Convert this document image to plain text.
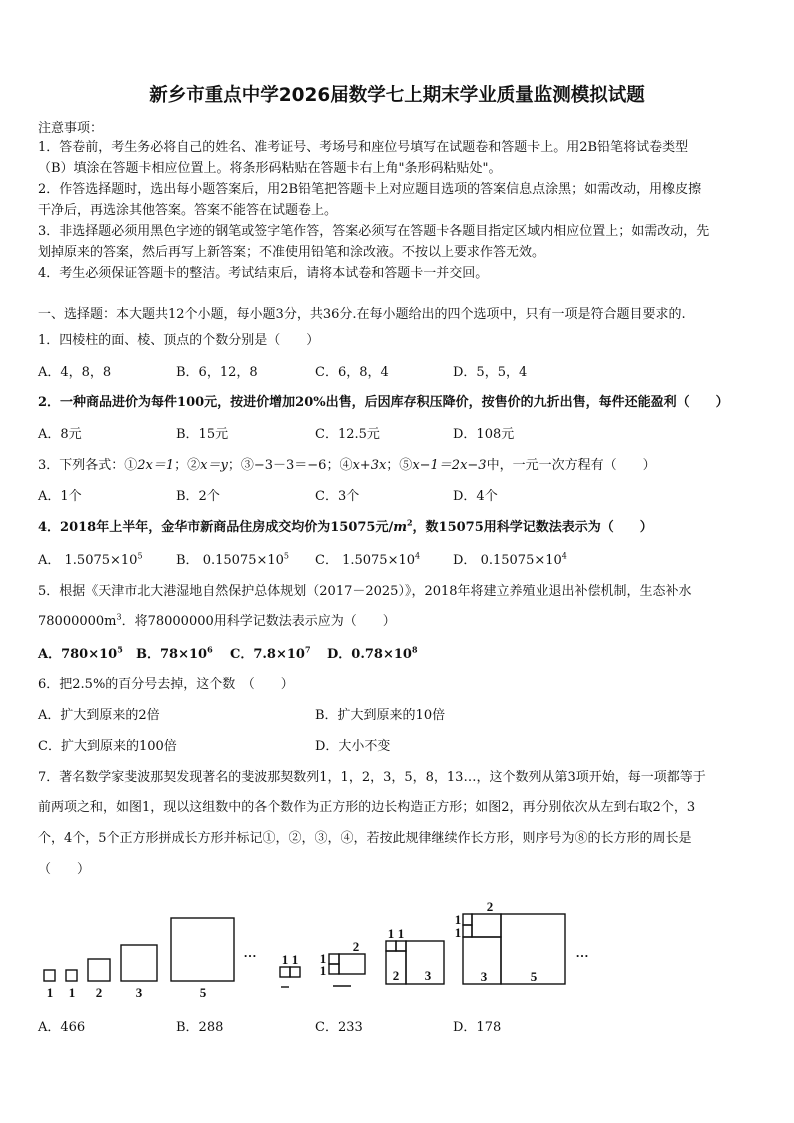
新乡市重点中学2026届数学七上期末学业质量监测模拟试题
注意事项：
1．答卷前，考生务必将自己的姓名、准考证号、考场号和座位号填写在试题卷和答题卡上。用2B铅笔将试卷类型
（B）填涂在答题卡相应位置上。将条形码粘贴在答题卡右上角"条形码粘贴处"。
2．作答选择题时，选出每小题答案后，用2B铅笔把答题卡上对应题目选项的答案信息点涂黑；如需改动，用橡皮擦
干净后，再选涂其他答案。答案不能答在试题卷上。
3．非选择题必须用黑色字迹的钢笔或签字笔作答，答案必须写在答题卡各题目指定区域内相应位置上；如需改动，先
划掉原来的答案，然后再写上新答案；不准使用铅笔和涂改液。不按以上要求作答无效。
4．考生必须保证答题卡的整洁。考试结束后，请将本试卷和答题卡一并交回。
一、选择题：本大题共12个小题，每小题3分，共36分.在每小题给出的四个选项中，只有一项是符合题目要求的.
1．四棱柱的面、棱、顶点的个数分别是（　　）
A．4，8，8	B．6，12，8	C．6，8，4	D．5，5，4
2．一种商品进价为每件100元，按进价增加20%出售，后因库存积压降价，按售价的九折出售，每件还能盈利（　　）
A．8元	B．15元	C．12.5元	D．108元
3．下列各式：①2x＝1；②x＝y；③−3－3＝−6；④x+3x；⑤x−1＝2x−3中，一元一次方程有（　　）
A．1个	B．2个	C．3个	D．4个
4．2018年上半年，金华市新商品住房成交均价为15075元$/m^2$，数15075用科学记数法表示为（　　）
A． $1.5075\times 10^5$	B． $0.15075\times 10^5$ C． $1.5075\times 10^4$	D． $0.15075\times 10^4$
5．根据《天津市北大港湿地自然保护总体规划（2017－2025）》，2018年将建立养殖业退出补偿机制，生态补水
$78000000m^3$．将78000000用科学记数法表示应为（　　）
A．$780\times 10^5$ B．$78\times 10^6$ C．$7.8\times 10^7$ D．$0.78\times 10^8$
6．把2.5%的百分号去掉，这个数　（　　）
A．扩大到原来的2倍	B．扩大到原来的10倍
C．扩大到原来的100倍	D．大小不变
7．著名数学家斐波那契发现著名的斐波那契数列1，1，2，3，5，8，13…，这个数列从第3项开始，每一项都等于
前两项之和，如图1，现以这组数中的各个数作为正方形的边长构造正方形；如图2，再分别依次从左到右取2个，3
个，4个，5个正方形拼成长方形并标记①，②，③，④，若按此规律继续作长方形，则序号为⑧的长方形的周长是
（　　）
1 1 2	3	5
… 1 1 1
1
2
1 1
2 3
1
1
2
3	5
…
A．466	B．288	C．233	D．178
